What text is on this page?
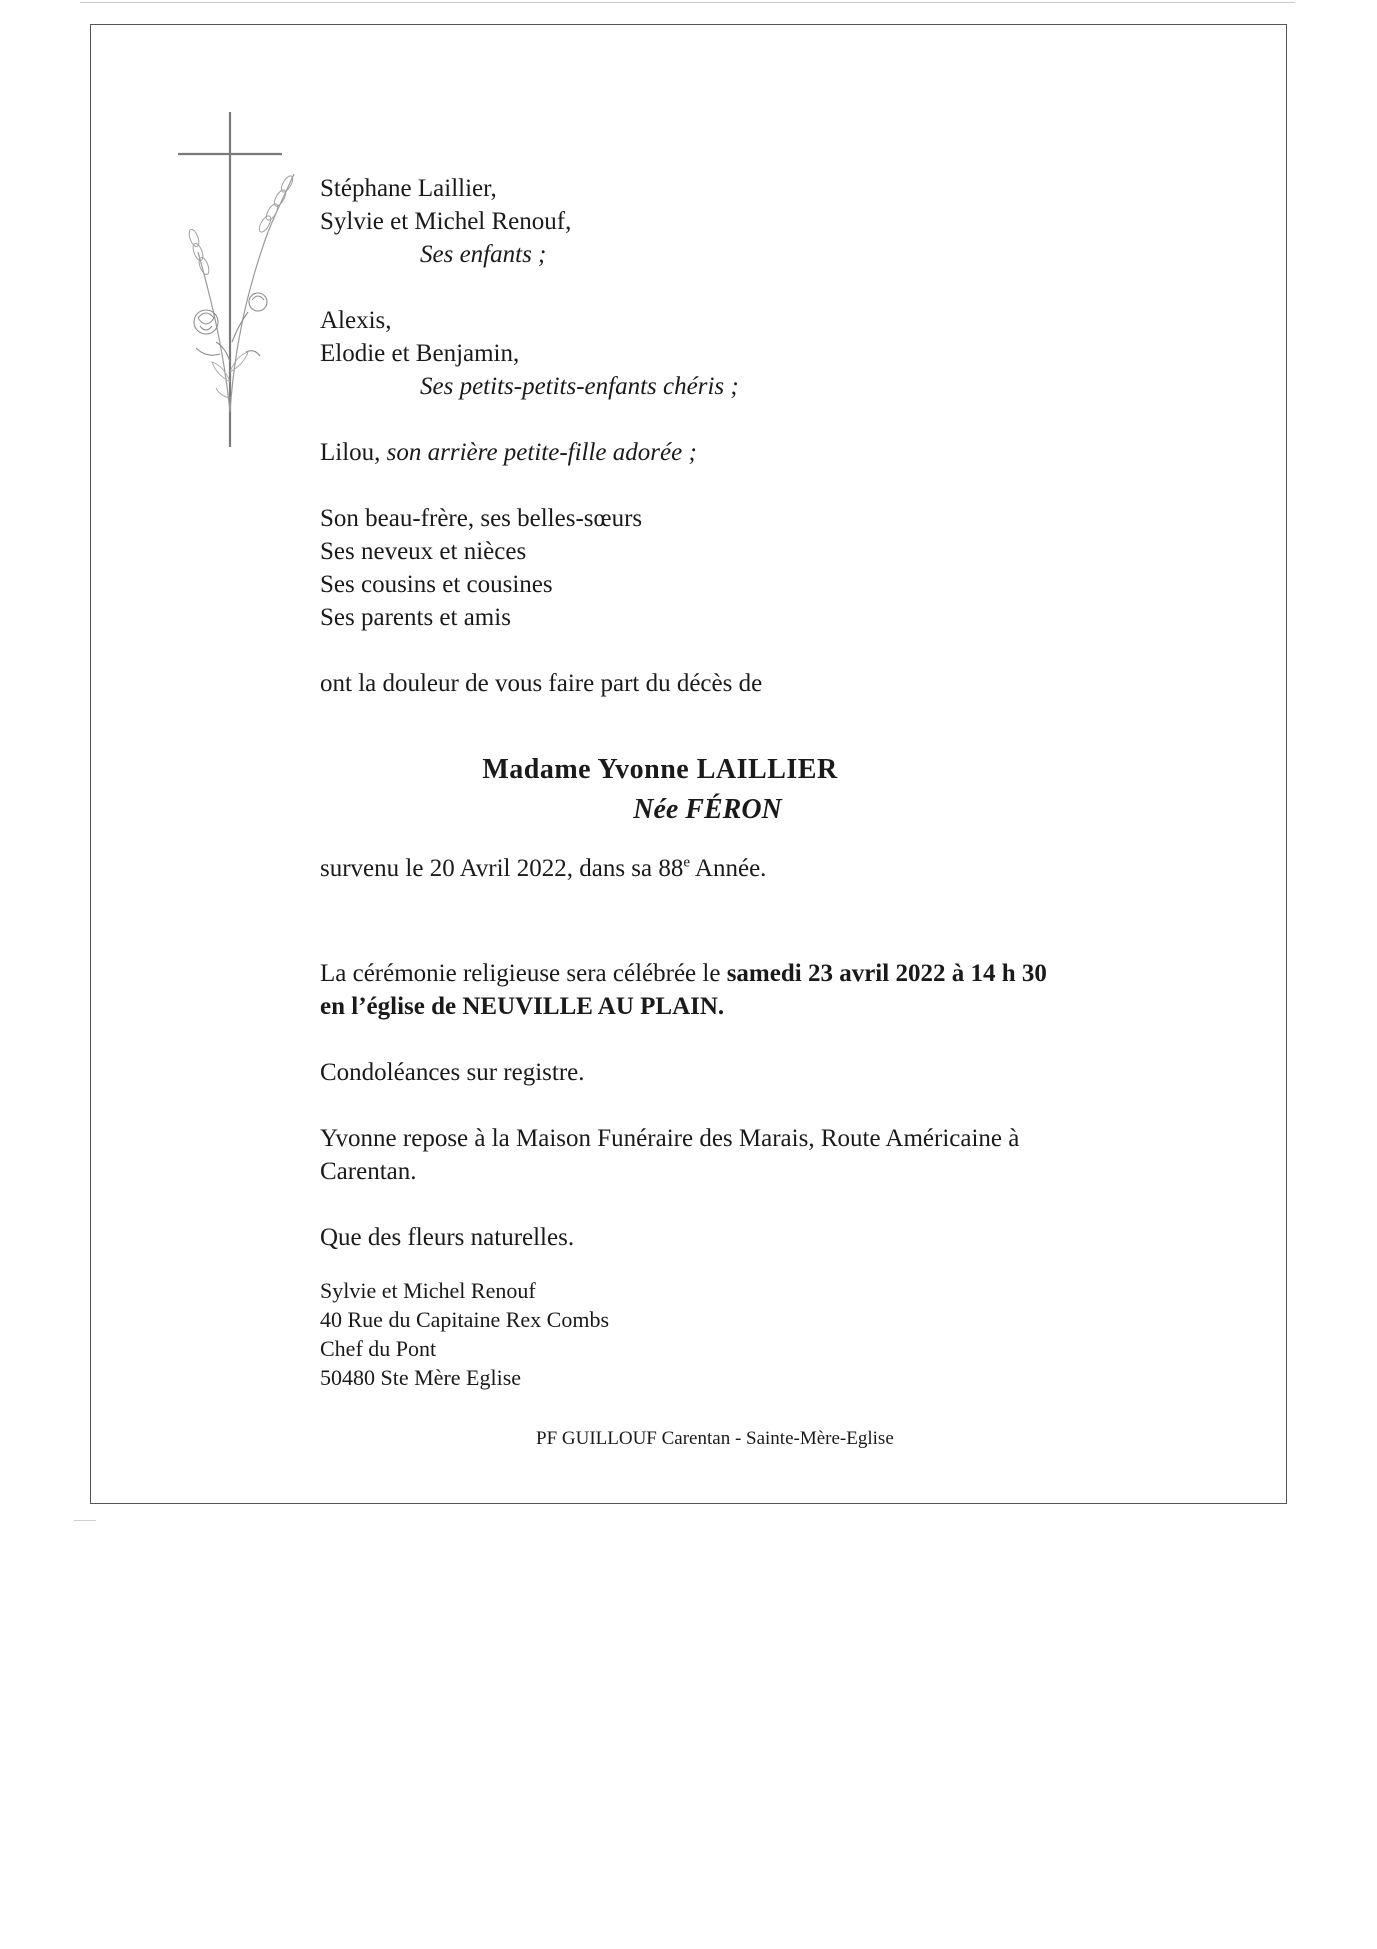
Stéphane Laillier,
Sylvie et Michel Renouf,
Ses enfants ;
Alexis,
Elodie et Benjamin,
Ses petits-petits-enfants chéris ;
Lilou, son arrière petite-fille adorée ;
Son beau-frère, ses belles-sœurs
Ses neveux et nièces
Ses cousins et cousines
Ses parents et amis
ont la douleur de vous faire part du décès de
Madame Yvonne LAILLIER
Née FÉRON
survenu le 20 Avril 2022, dans sa 88e Année.
La cérémonie religieuse sera célébrée le samedi 23 avril 2022 à 14 h 30
en l’église de NEUVILLE AU PLAIN.
Condoléances sur registre.
Yvonne repose à la Maison Funéraire des Marais, Route Américaine à
Carentan.
Que des fleurs naturelles.
Sylvie et Michel Renouf
40 Rue du Capitaine Rex Combs
Chef du Pont
50480 Ste Mère Eglise
PF GUILLOUF Carentan - Sainte-Mère-Eglise
